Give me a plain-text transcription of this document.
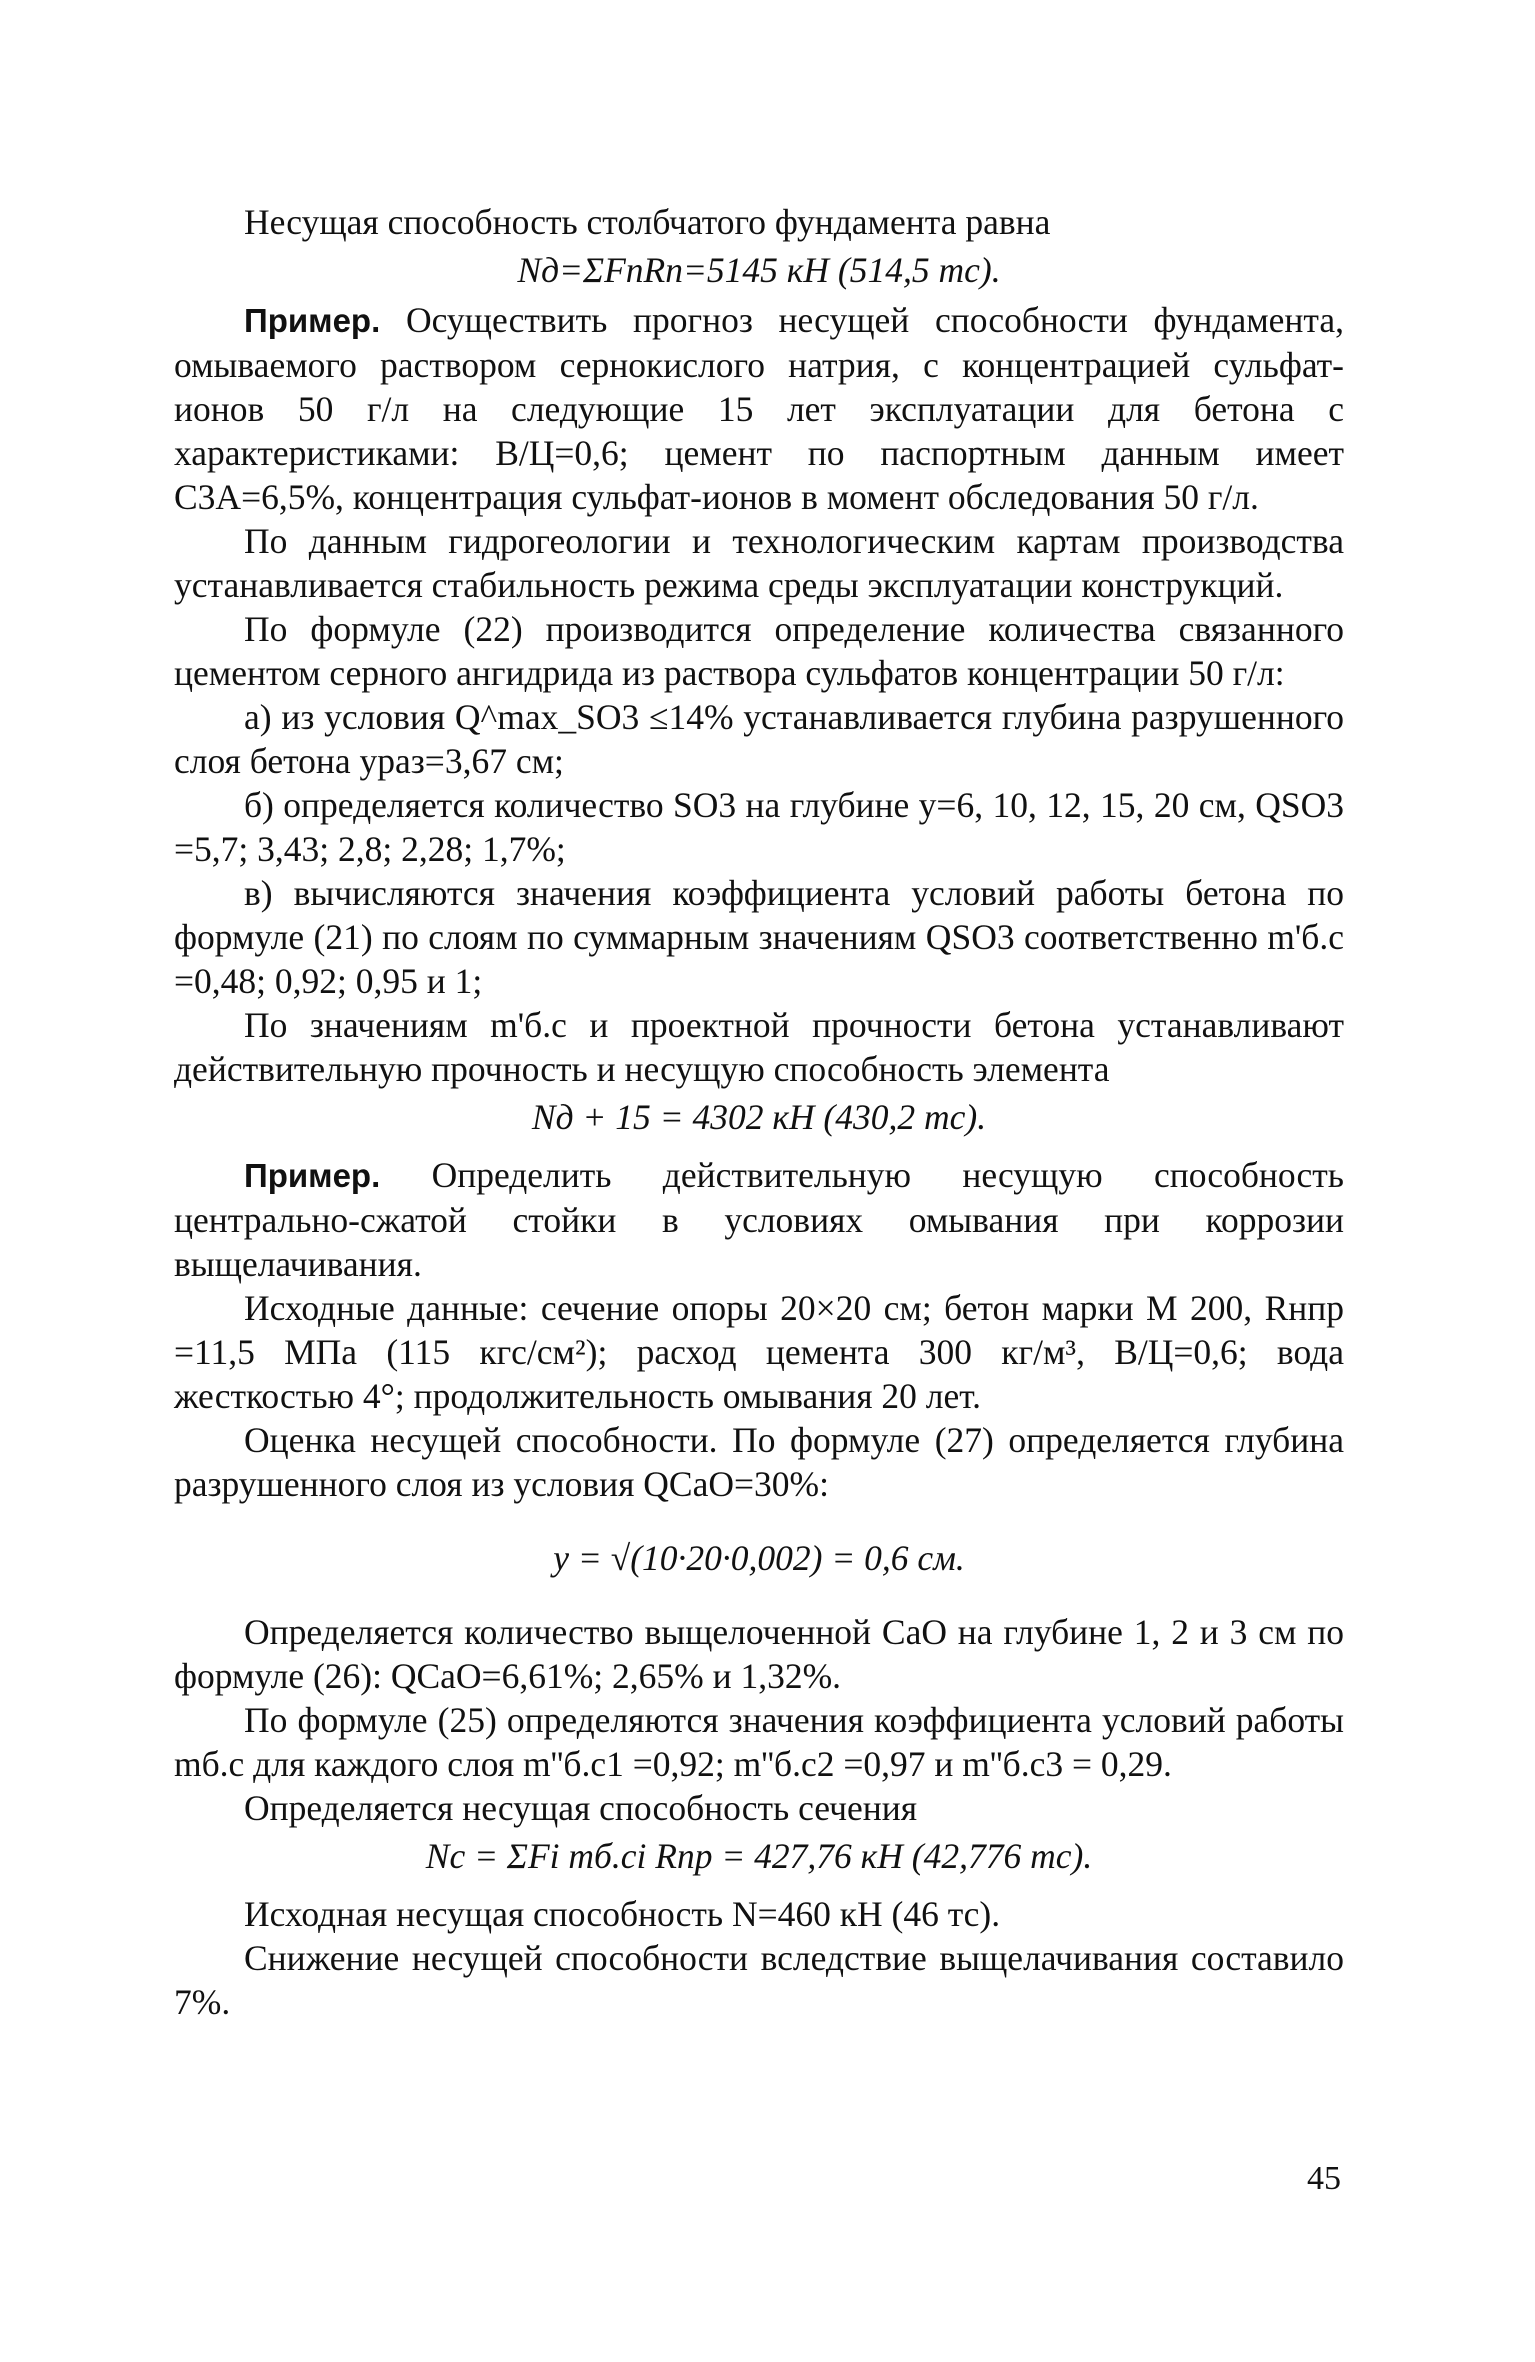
Несущая способность столбчатого фундамента равна
Nд=ΣFпRп=5145 кН (514,5 тс).
Пример. Осуществить прогноз несущей способности фундамента, омываемого раствором сернокислого натрия, с концентрацией сульфат-ионов 50 г/л на следующие 15 лет эксплуатации для бетона с характеристиками: В/Ц=0,6; цемент по паспортным данным имеет C3A=6,5%, концентрация сульфат-ионов в момент обследования 50 г/л.
По данным гидрогеологии и технологическим картам производства устанавливается стабильность режима среды эксплуатации конструкций.
По формуле (22) производится определение количества связанного цементом серного ангидрида из раствора сульфатов концентрации 50 г/л:
а) из условия Q^max_SO3 ≤14% устанавливается глубина разрушенного слоя бетона yраз=3,67 см;
б) определяется количество SO3 на глубине y=6, 10, 12, 15, 20 см, QSO3 =5,7; 3,43; 2,8; 2,28; 1,7%;
в) вычисляются значения коэффициента условий работы бетона по формуле (21) по слоям по суммарным значениям QSO3 соответственно m'б.с =0,48; 0,92; 0,95 и 1;
По значениям m'б.с и проектной прочности бетона устанавливают действительную прочность и несущую способность элемента
Nд + 15 = 4302 кН (430,2 тс).
Пример. Определить действительную несущую способность центрально-сжатой стойки в условиях омывания при коррозии выщелачивания.
Исходные данные: сечение опоры 20×20 см; бетон марки М 200, Rнпр =11,5 МПа (115 кгс/см²); расход цемента 300 кг/м³, В/Ц=0,6; вода жесткостью 4°; продолжительность омывания 20 лет.
Оценка несущей способности. По формуле (27) определяется глубина разрушенного слоя из условия QCaO=30%:
y = √(10·20·0,002) = 0,6 см.
Определяется количество выщелоченной CaO на глубине 1, 2 и 3 см по формуле (26): QCaO=6,61%; 2,65% и 1,32%.
По формуле (25) определяются значения коэффициента условий работы mб.с для каждого слоя m''б.с1 =0,92; m''б.с2 =0,97 и m''б.с3 = 0,29.
Определяется несущая способность сечения
Nс = ΣFi mб.сi Rпр = 427,76 кН (42,776 тс).
Исходная несущая способность N=460 кН (46 тс).
Снижение несущей способности вследствие выщелачивания составило 7%.
45
